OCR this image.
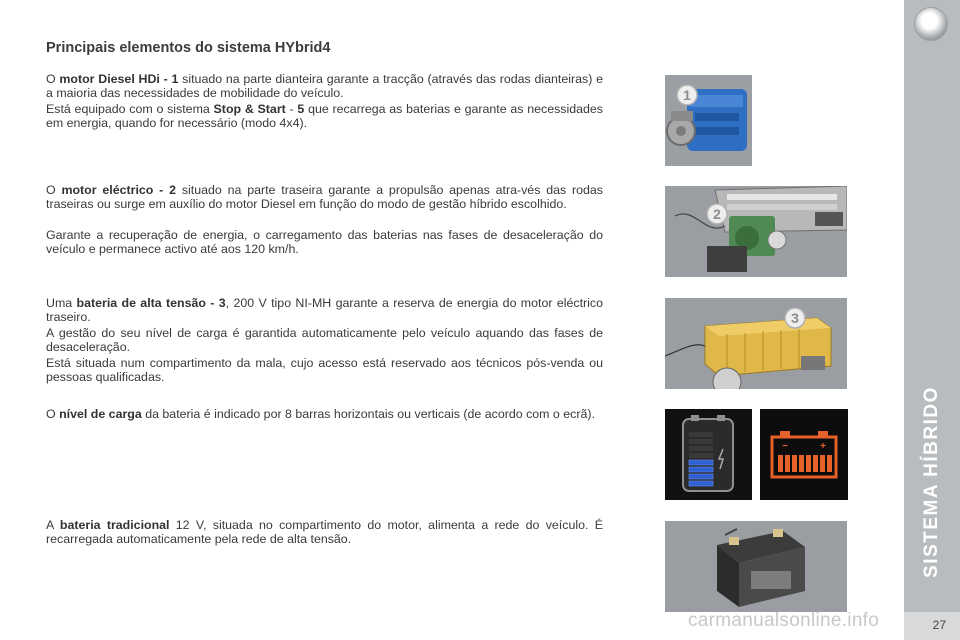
Principais elementos do sistema HYbrid4

O motor Diesel HDi - 1 situado na parte dianteira garante a tracção (através das rodas dianteiras) e a maioria das necessidades de mobilidade do veículo.

Está equipado com o sistema Stop & Start - 5 que recarrega as baterias e garante as necessidades em energia, quando for necessário (modo 4x4).

O motor eléctrico - 2 situado na parte traseira garante a propulsão apenas atra-vés das rodas traseiras ou surge em auxílio do motor Diesel em função do modo de gestão híbrido escolhido.

Garante a recuperação de energia, o carregamento das baterias nas fases de desaceleração do veículo e permanece activo até aos 120 km/h.

Uma bateria de alta tensão - 3, 200 V tipo NI-MH garante a reserva de energia do motor eléctrico traseiro.

A gestão do seu nível de carga é garantida automaticamente pelo veículo aquando das fases de desaceleração.

Está situada num compartimento da mala, cujo acesso está reservado aos técnicos pós-venda ou pessoas qualificadas.

O nível de carga da bateria é indicado por 8 barras horizontais ou verticais (de acordo com o ecrã).

A bateria tradicional 12 V, situada no compartimento do motor, alimenta a rede do veículo. É recarregada automaticamente pela rede de alta tensão.

1
2
3
−	+	SISTEMA HÍBRIDO
27
carmanualsonline.info
